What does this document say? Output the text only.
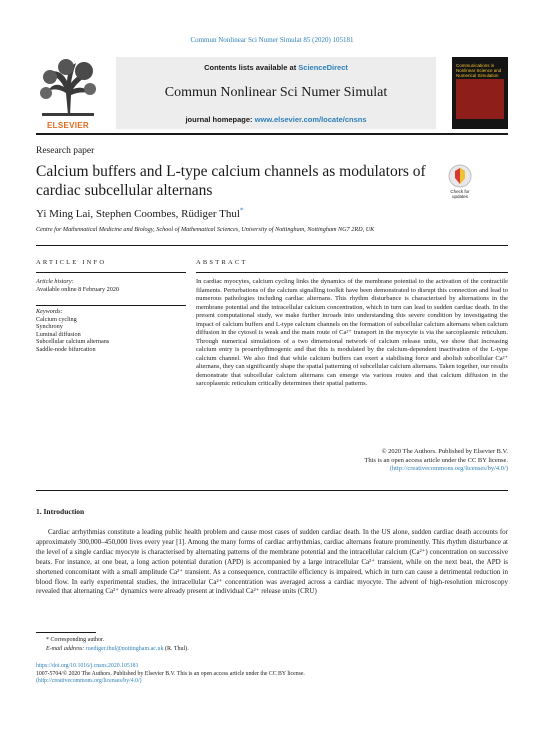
Commun Nonlinear Sci Numer Simulat 85 (2020) 105181
ELSEVIER
Contents lists available at ScienceDirect
Commun Nonlinear Sci Numer Simulat
journal homepage: www.elsevier.com/locate/cnsns
Communications in Nonlinear Science and Numerical Simulation
Research paper
Calcium buffers and L-type calcium channels as modulators of cardiac subcellular alternans	Check for updates
Yi Ming Lai, Stephen Coombes, Rüdiger Thul*
Centre for Mathematical Medicine and Biology, School of Mathematical Sciences, University of Nottingham, Nottingham NG7 2RD, UK
ARTICLE INFO	ABSTRACT
Article history:
Available online 8 February 2020
Keywords:
Calcium cycling
Synchrony
Luminal diffusion
Subcellular calcium alternans
Saddle-node bifurcation

In cardiac myocytes, calcium cycling links the dynamics of the membrane potential to the activation of the contractile filaments. Perturbations of the calcium signalling toolkit have been demonstrated to disrupt this connection and lead to numerous pathologies including cardiac alternans. This rhythm disturbance is characterised by alternations in the membrane potential and the intracellular calcium concentration, which in turn can lead to sudden cardiac death. In the present computational study, we make further inroads into understanding this severe condition by investigating the impact of calcium buffers and L-type calcium channels on the formation of subcellular calcium alternans when calcium diffusion in the cytosol is weak and the main route of Ca²⁺ transport in the myocyte is via the sarcoplasmic reticulum. Through numerical simulations of a two dimensional network of calcium release units, we show that increasing calcium entry is proarrhythmogenic and that this is modulated by the calcium-dependent inactivation of the L-type calcium channel. We also find that while calcium buffers can exert a stabilising force and abolish subcellular Ca²⁺ alternans, they can significantly shape the spatial patterning of subcellular calcium alternans. Taken together, our results demonstrate that subcellular calcium alternans can emerge via various routes and that calcium diffusion in the sarcoplasmic reticulum critically determines their spatial patterns.

© 2020 The Authors. Published by Elsevier B.V.
This is an open access article under the CC BY license.
(http://creativecommons.org/licenses/by/4.0/)
1. Introduction

Cardiac arrhythmias constitute a leading public health problem and cause most cases of sudden cardiac death. In the US alone, sudden cardiac death accounts for approximately 300,000–450,000 lives every year [1]. Among the many forms of cardiac arrhythmias, cardiac alternans feature prominently. This rhythm disturbance at the level of a single cardiac myocyte is characterised by alternating patterns of the membrane potential and the intracellular calcium (Ca²⁺) concentration on successive beats. For instance, at one beat, a long action potential duration (APD) is accompanied by a large intracellular Ca²⁺ transient, while on the next beat, the APD is shortened concomitant with a small amplitude Ca²⁺ transient. As a consequence, contractile efficiency is impaired, which in turn can cause a detrimental reduction in blood flow. In early experimental studies, the intracellular Ca²⁺ concentration was averaged across a cardiac myocyte. The advent of high-resolution microscopy revealed that alternating Ca²⁺ dynamics were already present at individual Ca²⁺ release units (CRU)

* Corresponding author.
E-mail address: ruediger.thul@nottingham.ac.uk (R. Thul).
https://doi.org/10.1016/j.cnsns.2020.105181
1007-5704/© 2020 The Authors. Published by Elsevier B.V. This is an open access article under the CC BY license.
(http://creativecommons.org/licenses/by/4.0/)
